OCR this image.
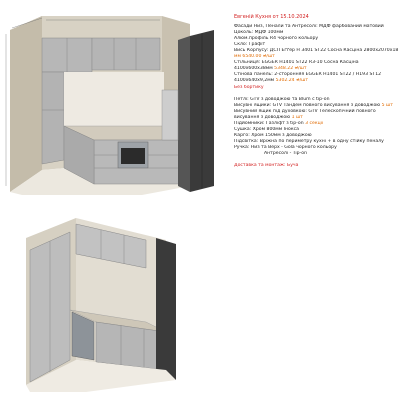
Евгеній Кухня от 15.10.2024
Фасади Низ, Пенали та Антресолі: МДФ фарбований матовий
Цоколь: МДФ 100мм
Алюм.профіль R4 чорного кольору
Скло: Графіт
Вись Корпусу: ДСП Еґґер H 3401 ST22 Сосна Касціна 2800х2070х18
мм 6540.00 ₴/шт
Стільниця: EGGER H1401 ST22 R3-10 Сосна Касціна
4100х600х38мм 5348.22 ₴/шт
Стінова панель: 2-сторонняя EGGER H1401 ST22 / H193 ST12
4100х640х9,2мм 5302.24 ₴/шт
Без бортику
Петлі: GTV з доводжою та Blum c tip-on
Висувні ящики: GTV Тандем повного висування з доводжою 5 шт
Висувний ящик під духовкою: GTV Телескопічний повного
висування з доводжою 1 шт
Підйомники: Газліфт з tip-on 3 секції
Сушка: Хром 800мм Інокса
Карго: Хром 150мм з доводжою
Підсвітка: Вріжна по периметру кухні + в одну стійку пеналу
Ручка: Низ та Верх - Gola чорного кольору
Антресолі - Tip-on
Доставка та монтаж: Буча
